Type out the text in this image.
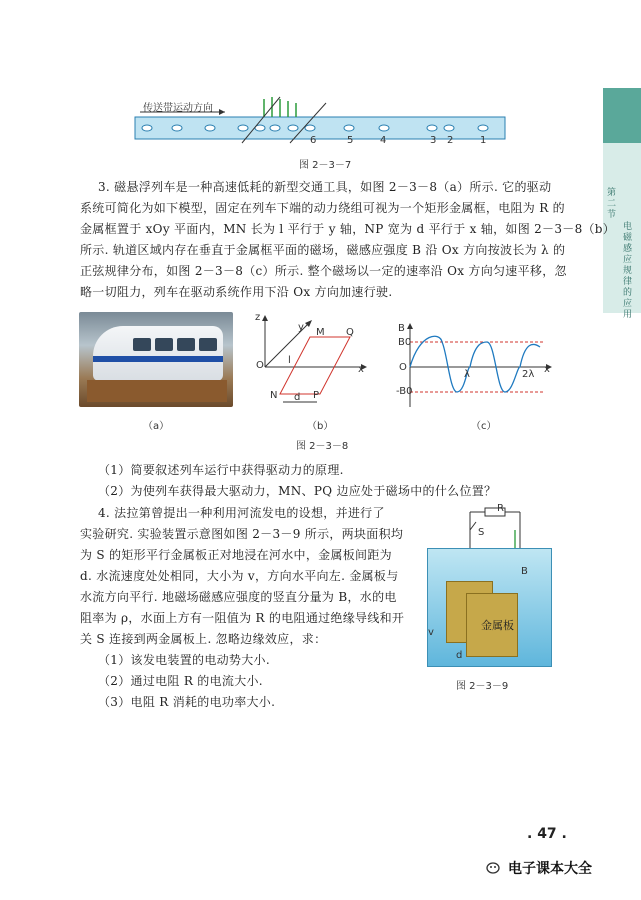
第二节
电磁感应规律的应用
传送带运动方向
6	5	4	3 2	1
图 2－3－7
3. 磁悬浮列车是一种高速低耗的新型交通工具，如图 2－3－8（a）所示. 它的驱动
系统可简化为如下模型，固定在列车下端的动力绕组可视为一个矩形金属框，电阻为 R 的
金属框置于 xOy 平面内，MN 长为 l 平行于 y 轴，NP 宽为 d 平行于 x 轴，如图 2－3－8（b）
所示. 轨道区域内存在垂直于金属框平面的磁场，磁感应强度 B 沿 Ox 方向按波长为 λ 的
正弦规律分布，如图 2－3－8（c）所示. 整个磁场以一定的速率沿 Ox 方向匀速平移，忽
略一切阻力，列车在驱动系统作用下沿 Ox 方向加速行驶.
（a）
z
y
x
O
M Q
N	P
l
d
（b）
B
B0
-B0
O
λ	2λ x
（c）
图 2－3－8
（1）简要叙述列车运行中获得驱动力的原理.
（2）为使列车获得最大驱动力，MN、PQ 边应处于磁场中的什么位置？
4. 法拉第曾提出一种利用河流发电的设想，并进行了
实验研究. 实验装置示意图如图 2－3－9 所示，两块面积均
为 S 的矩形平行金属板正对地浸在河水中，金属板间距为
d. 水流速度处处相同，大小为 v，方向水平向左. 金属板与
水流方向平行. 地磁场磁感应强度的竖直分量为 B，水的电
阻率为 ρ，水面上方有一阻值为 R 的电阻通过绝缘导线和开
关 S 连接到两金属板上. 忽略边缘效应，求：
（1）该发电装置的电动势大小.
（2）通过电阻 R 的电流大小.
（3）电阻 R 消耗的电功率大小.
金属板
S
R
B
v
d
图 2－3－9
. 47 .
电子课本大全
